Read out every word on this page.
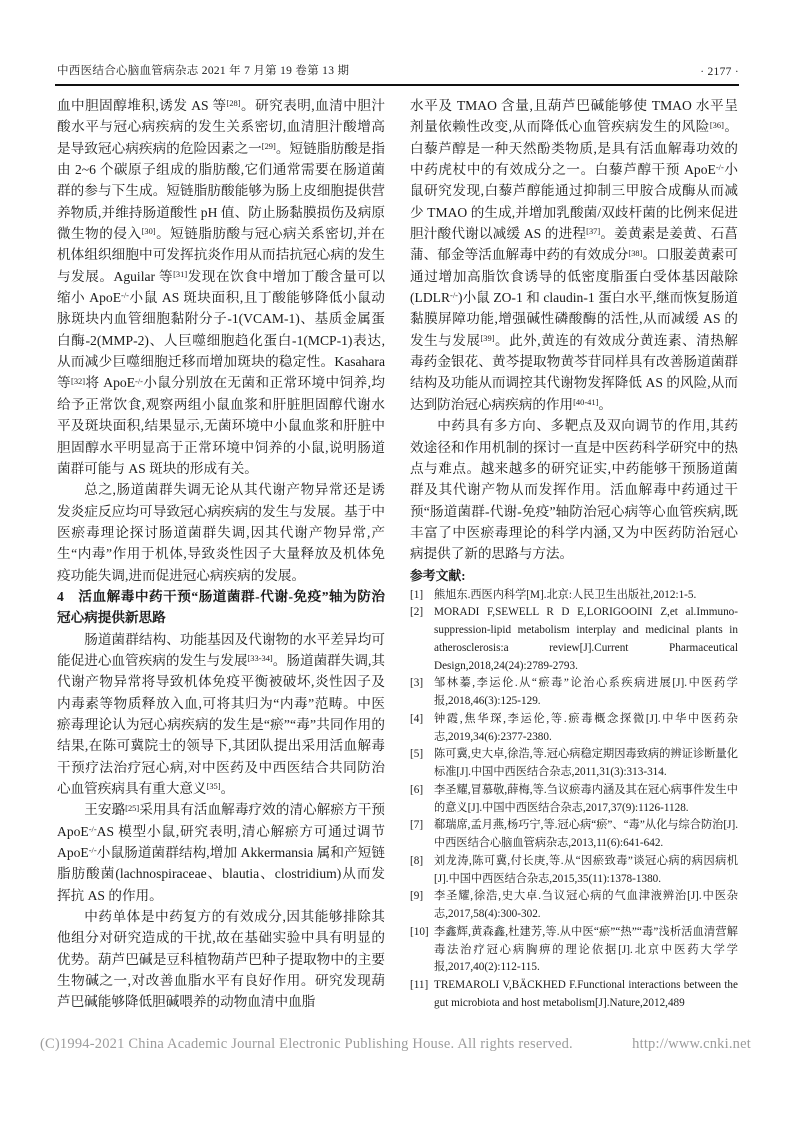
中西医结合心脑血管病杂志 2021 年 7 月第 19 卷第 13 期	· 2177 ·
血中胆固醇堆积,诱发 AS 等[28]。研究表明,血清中胆汁酸水平与冠心病疾病的发生关系密切,血清胆汁酸增高是导致冠心病疾病的危险因素之一[29]。短链脂肪酸是指由 2~6 个碳原子组成的脂肪酸,它们通常需要在肠道菌群的参与下生成。短链脂肪酸能够为肠上皮细胞提供营养物质,并维持肠道酸性 pH 值、防止肠黏膜损伤及病原微生物的侵入[30]。短链脂肪酸与冠心病关系密切,并在机体组织细胞中可发挥抗炎作用从而拮抗冠心病的发生与发展。Aguilar 等[31]发现在饮食中增加丁酸含量可以缩小 ApoE-/-小鼠 AS 斑块面积,且丁酸能够降低小鼠动脉斑块内血管细胞黏附分子-1(VCAM-1)、基质金属蛋白酶-2(MMP-2)、人巨噬细胞趋化蛋白-1(MCP-1)表达,从而减少巨噬细胞迁移而增加斑块的稳定性。Kasahara 等[32]将 ApoE-/-小鼠分别放在无菌和正常环境中饲养,均给予正常饮食,观察两组小鼠血浆和肝脏胆固醇代谢水平及斑块面积,结果显示,无菌环境中小鼠血浆和肝脏中胆固醇水平明显高于正常环境中饲养的小鼠,说明肠道菌群可能与 AS 斑块的形成有关。
总之,肠道菌群失调无论从其代谢产物异常还是诱发炎症反应均可导致冠心病疾病的发生与发展。基于中医瘀毒理论探讨肠道菌群失调,因其代谢产物异常,产生“内毒”作用于机体,导致炎性因子大量释放及机体免疫功能失调,进而促进冠心病疾病的发展。
4　活血解毒中药干预“肠道菌群-代谢-免疫”轴为防治冠心病提供新思路
肠道菌群结构、功能基因及代谢物的水平差异均可能促进心血管疾病的发生与发展[33-34]。肠道菌群失调,其代谢产物异常将导致机体免疫平衡被破坏,炎性因子及内毒素等物质释放入血,可将其归为“内毒”范畴。中医瘀毒理论认为冠心病疾病的发生是“瘀”“毒”共同作用的结果,在陈可冀院士的领导下,其团队提出采用活血解毒干预疗法治疗冠心病,对中医药及中西医结合共同防治心血管疾病具有重大意义[35]。
王安璐[25]采用具有活血解毒疗效的清心解瘀方干预 ApoE-/-AS 模型小鼠,研究表明,清心解瘀方可通过调节 ApoE-/-小鼠肠道菌群结构,增加 Akkermansia 属和产短链脂肪酸菌(lachnospiraceae、blautia、clostridium)从而发挥抗 AS 的作用。
中药单体是中药复方的有效成分,因其能够排除其他组分对研究造成的干扰,故在基础实验中具有明显的优势。葫芦巴碱是豆科植物葫芦巴种子提取物中的主要生物碱之一,对改善血脂水平有良好作用。研究发现葫芦巴碱能够降低胆碱喂养的动物血清中血脂
水平及 TMAO 含量,且葫芦巴碱能够使 TMAO 水平呈剂量依赖性改变,从而降低心血管疾病发生的风险[36]。白藜芦醇是一种天然酚类物质,是具有活血解毒功效的中药虎杖中的有效成分之一。白藜芦醇干预 ApoE-/-小鼠研究发现,白藜芦醇能通过抑制三甲胺合成酶从而减少 TMAO 的生成,并增加乳酸菌/双歧杆菌的比例来促进胆汁酸代谢以减缓 AS 的进程[37]。姜黄素是姜黄、石菖蒲、郁金等活血解毒中药的有效成分[38]。口服姜黄素可通过增加高脂饮食诱导的低密度脂蛋白受体基因敲除(LDLR-/-)小鼠 ZO-1 和 claudin-1 蛋白水平,继而恢复肠道黏膜屏障功能,增强碱性磷酸酶的活性,从而减缓 AS 的发生与发展[39]。此外,黄连的有效成分黄连素、清热解毒药金银花、黄芩提取物黄芩苷同样具有改善肠道菌群结构及功能从而调控其代谢物发挥降低 AS 的风险,从而达到防治冠心病疾病的作用[40-41]。
中药具有多方向、多靶点及双向调节的作用,其药效途径和作用机制的探讨一直是中医药科学研究中的热点与难点。越来越多的研究证实,中药能够干预肠道菌群及其代谢产物从而发挥作用。活血解毒中药通过干预“肠道菌群-代谢-免疫”轴防治冠心病等心血管疾病,既丰富了中医瘀毒理论的科学内涵,又为中医药防治冠心病提供了新的思路与方法。
参考文献:
[1] 熊旭东.西医内科学[M].北京:人民卫生出版社,2012:1-5.
[2] MORADI F,SEWELL R D E,LORIGOOINI Z,et al.Immuno-suppression-lipid metabolism interplay and medicinal plants in atherosclerosis:a review[J].Current Pharmaceutical Design,2018,24(24):2789-2793.
[3] 邹林蓁,李运伦.从“瘀毒”论治心系疾病进展[J].中医药学报,2018,46(3):125-129.
[4] 钟霞,焦华琛,李运伦,等.瘀毒概念探微[J].中华中医药杂志,2019,34(6):2377-2380.
[5] 陈可冀,史大卓,徐浩,等.冠心病稳定期因毒致病的辨证诊断量化标准[J].中国中西医结合杂志,2011,31(3):313-314.
[6] 李圣耀,冒慕敬,薛梅,等.刍议瘀毒内涵及其在冠心病事件发生中的意义[J].中国中西医结合杂志,2017,37(9):1126-1128.
[7] 郗瑞席,孟月燕,杨巧宁,等.冠心病“瘀”、“毒”从化与综合防治[J].中西医结合心脑血管病杂志,2013,11(6):641-642.
[8] 刘龙涛,陈可冀,付长庚,等.从“因瘀致毒”谈冠心病的病因病机[J].中国中西医结合杂志,2015,35(11):1378-1380.
[9] 李圣耀,徐浩,史大卓.刍议冠心病的气血津液辨治[J].中医杂志,2017,58(4):300-302.
[10] 李鑫辉,黄森鑫,杜建芳,等.从中医“瘀”“热”“毒”浅析活血清营解毒法治疗冠心病胸痹的理论依据[J].北京中医药大学学报,2017,40(2):112-115.
[11] TREMAROLI V,BÄCKHED F.Functional interactions between the gut microbiota and host metabolism[J].Nature,2012,489
(C)1994-2021 China Academic Journal Electronic Publishing House. All rights reserved.	http://www.cnki.net
